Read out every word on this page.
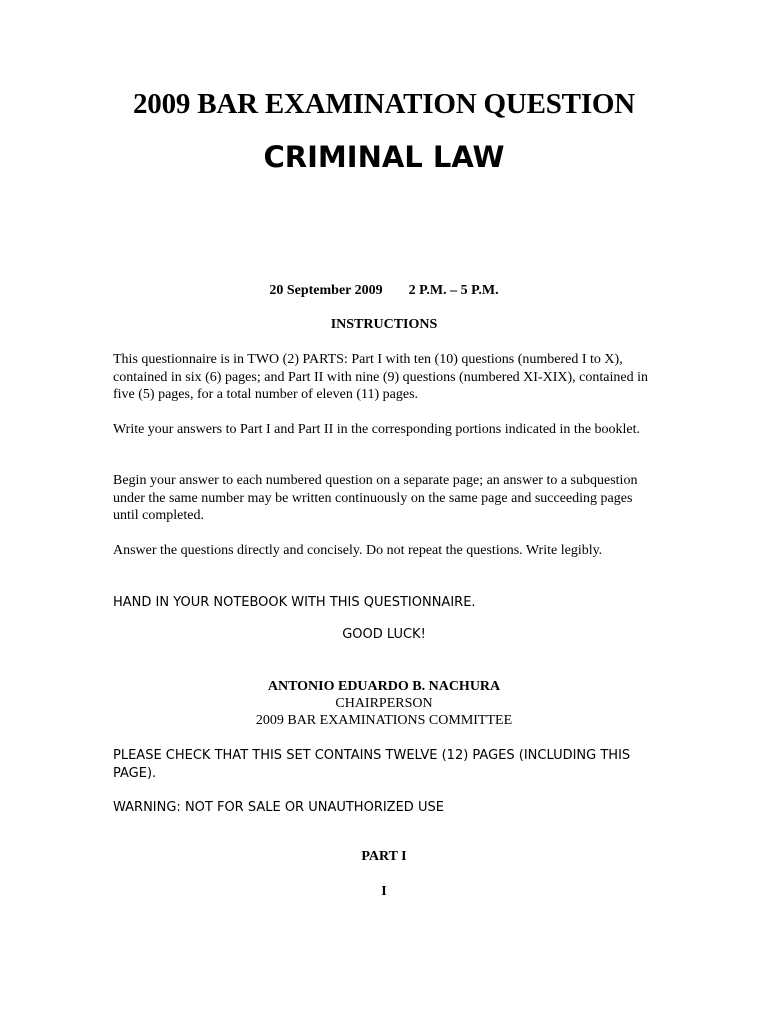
2009 BAR EXAMINATION QUESTION
CRIMINAL LAW
20 September 2009 2 P.M. – 5 P.M.
INSTRUCTIONS
This questionnaire is in TWO (2) PARTS: Part I with ten (10) questions (numbered I to X), contained in six (6) pages; and Part II with nine (9) questions (numbered XI-XIX), contained in five (5) pages, for a total number of eleven (11) pages.
Write your answers to Part I and Part II in the corresponding portions indicated in the booklet.
Begin your answer to each numbered question on a separate page; an answer to a subquestion under the same number may be written continuously on the same page and succeeding pages until completed.
Answer the questions directly and concisely. Do not repeat the questions. Write legibly.
HAND IN YOUR NOTEBOOK WITH THIS QUESTIONNAIRE.
GOOD LUCK!
ANTONIO EDUARDO B. NACHURA
CHAIRPERSON
2009 BAR EXAMINATIONS COMMITTEE
PLEASE CHECK THAT THIS SET CONTAINS TWELVE (12) PAGES (INCLUDING THIS PAGE).
WARNING: NOT FOR SALE OR UNAUTHORIZED USE
PART I
I
